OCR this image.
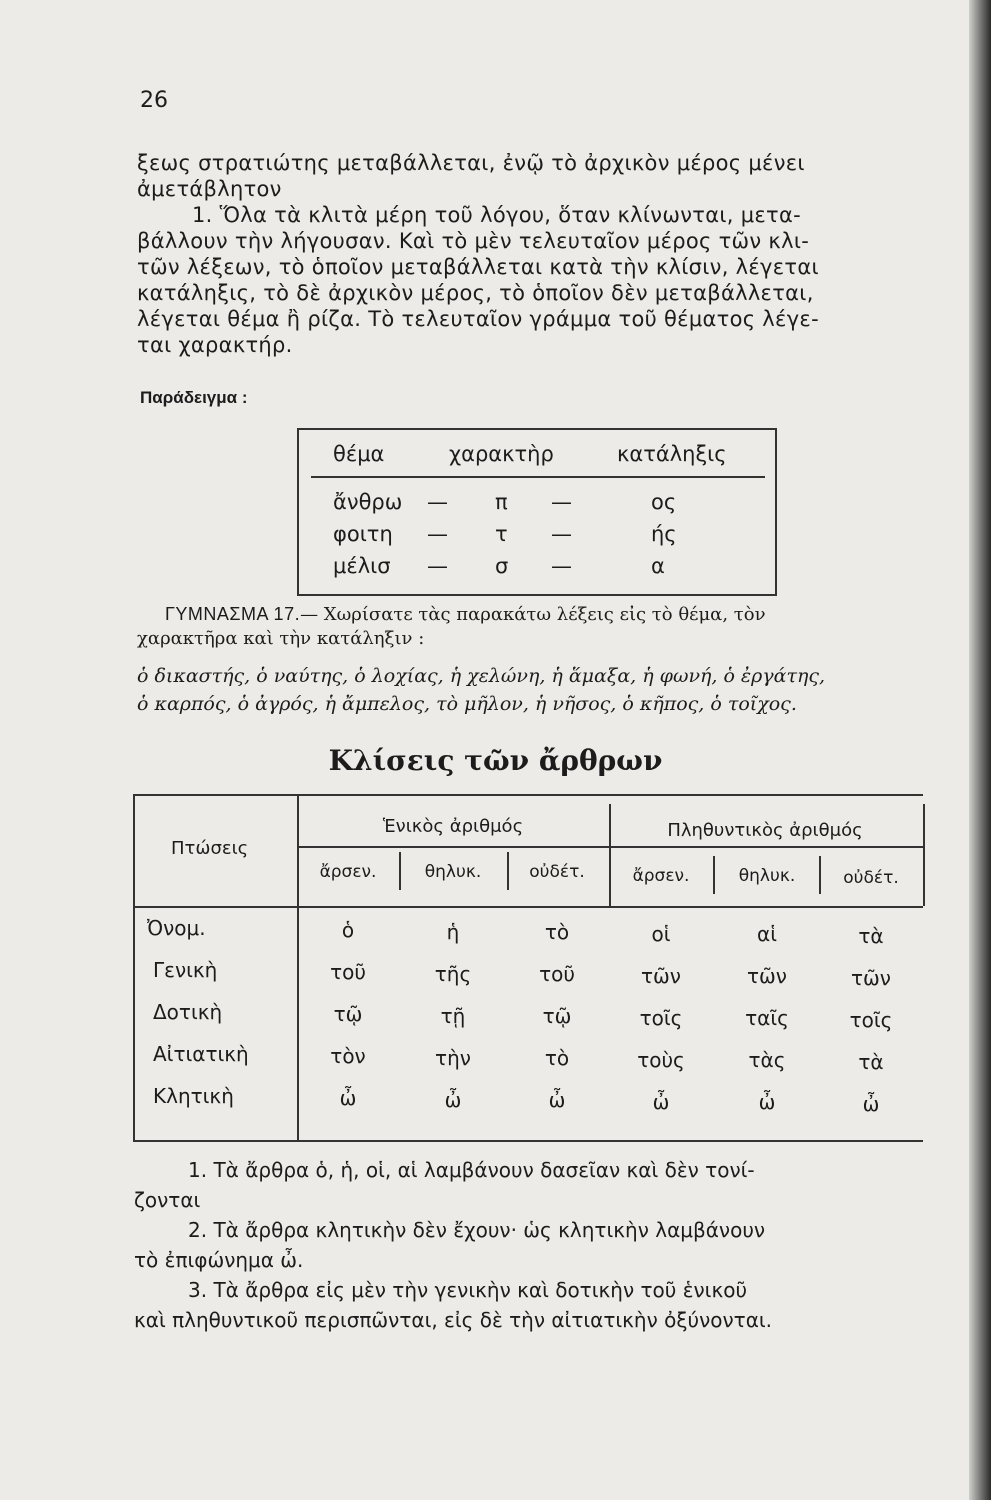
26
ξεως στρατιώτης μεταβάλλεται, ἐνῷ τὸ ἀρχικὸν μέρος μένει
ἀμετάβλητον
1. Ὅλα τὰ κλιτὰ μέρη τοῦ λόγου, ὅταν κλίνωνται, μετα-
βάλλουν τὴν λήγουσαν. Καὶ τὸ μὲν τελευταῖον μέρος τῶν κλι-
τῶν λέξεων, τὸ ὁποῖον μεταβάλλεται κατὰ τὴν κλίσιν, λέγεται
κατάληξις, τὸ δὲ ἀρχικὸν μέρος, τὸ ὁποῖον δὲν μεταβάλλεται,
λέγεται θέμα ἢ ρίζα. Τὸ τελευταῖον γράμμα τοῦ θέματος λέγε-
ται χαρακτήρ.
Παράδειγμα :
θέμα	χαρακτὴρ	κατάληξις
ἄνθρω — π —	ος
φοιτη — τ —	ής
μέλισ — σ —	α
ΓΥΜΝΑΣΜΑ 17.— Χωρίσατε τὰς παρακάτω λέξεις εἰς τὸ θέμα, τὸν
χαρακτῆρα καὶ τὴν κατάληξιν :
ὁ δικαστής, ὁ ναύτης, ὁ λοχίας, ἡ χελώνη, ἡ ἅμαξα, ἡ φωνή, ὁ ἐργάτης,
ὁ καρπός, ὁ ἀγρός, ἡ ἄμπελος, τὸ μῆλον, ἡ νῆσος, ὁ κῆπος, ὁ τοῖχος.
Κλίσεις τῶν ἄρθρων
Πτώσεις
Ἑνικὸς ἀριθμός	Πληθυντικὸς ἀριθμός
ἄρσεν.	θηλυκ.	οὐδέτ.	ἄρσεν.	θηλυκ.	οὐδέτ.
Ὀνομ.	ὁ	ἡ	τὸ	οἱ	αἱ	τὰ
Γενικὴ	τοῦ	τῆς	τοῦ	τῶν	τῶν	τῶν
Δοτικὴ	τῷ	τῇ	τῷ	τοῖς	ταῖς	τοῖς
Αἰτιατικὴ	τὸν	τὴν	τὸ	τοὺς	τὰς	τὰ
Κλητικὴ	ὦ	ὦ	ὦ	ὦ	ὦ	ὦ
1. Τὰ ἄρθρα ὁ, ἡ, οἱ, αἱ λαμβάνουν δασεῖαν καὶ δὲν τονί-
ζονται
2. Τὰ ἄρθρα κλητικὴν δὲν ἔχουν· ὡς κλητικὴν λαμβάνουν
τὸ ἐπιφώνημα ὦ.
3. Τὰ ἄρθρα εἰς μὲν τὴν γενικὴν καὶ δοτικὴν τοῦ ἑνικοῦ
καὶ πληθυντικοῦ περισπῶνται, εἰς δὲ τὴν αἰτιατικὴν ὀξύνονται.
